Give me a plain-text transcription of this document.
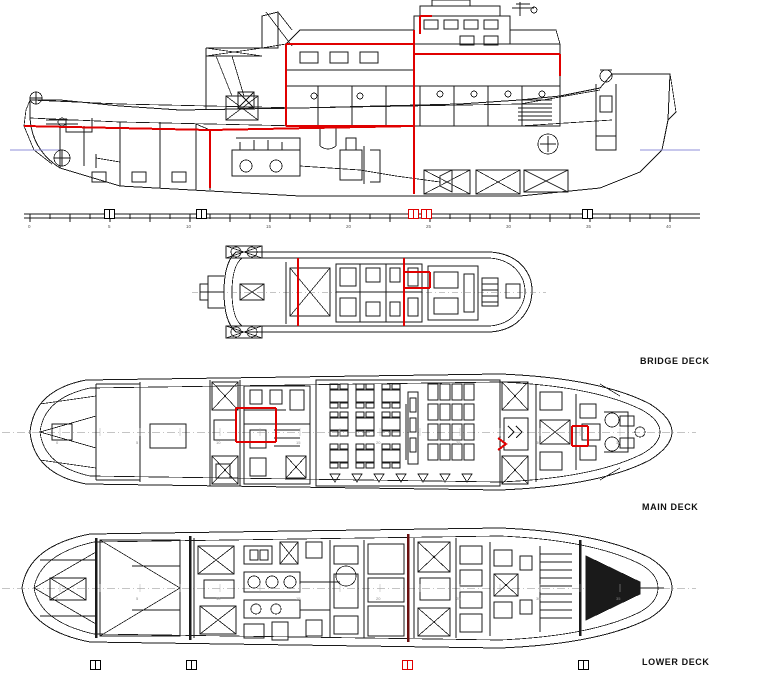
0	5	10	15	20	25	30	35	40
BRIDGE DECK
0	5	10	15	20	25	30	35
MAIN DECK
0	5	10	15	20	25	30	35
LOWER DECK
